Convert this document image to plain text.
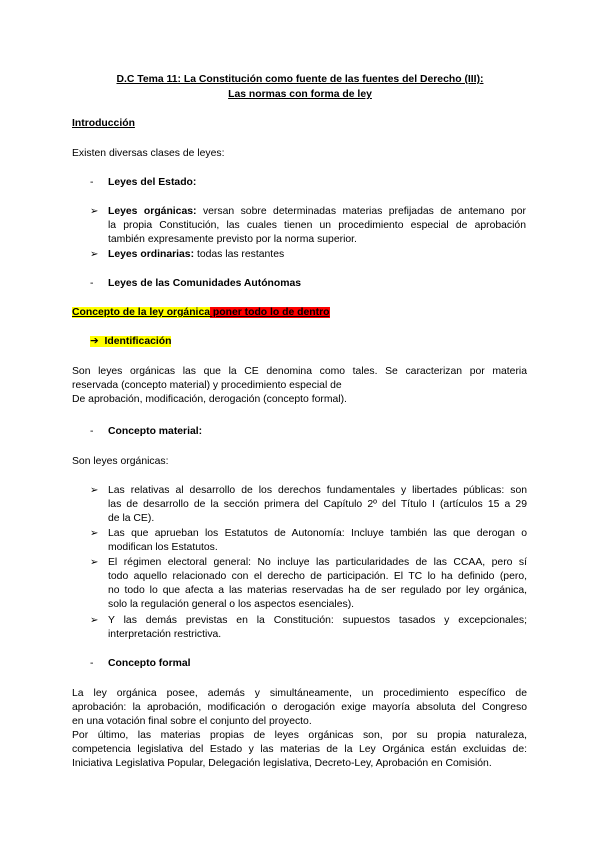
D.C Tema 11: La Constitución como fuente de las fuentes del Derecho (III):
Las normas con forma de ley
Introducción
Existen diversas clases de leyes:
-	Leyes del Estado:
➢ Leyes orgánicas: versan sobre determinadas materias prefijadas de antemano por
la propia Constitución, las cuales tienen un procedimiento especial de aprobación
también expresamente previsto por la norma superior.
➢ Leyes ordinarias: todas las restantes
-	Leyes de las Comunidades Autónomas
Concepto de la ley orgánica poner todo lo de dentro
➔ Identificación
Son leyes orgánicas las que la CE denomina como tales. Se caracterizan por materia
reservada (concepto material) y procedimiento especial de
De aprobación, modificación, derogación (concepto formal).
-	Concepto material:
Son leyes orgánicas:
➢ Las relativas al desarrollo de los derechos fundamentales y libertades públicas: son
las de desarrollo de la sección primera del Capítulo 2º del Título I (artículos 15 a 29
de la CE).
➢ Las que aprueban los Estatutos de Autonomía: Incluye también las que derogan o
modifican los Estatutos.
➢ El régimen electoral general: No incluye las particularidades de las CCAA, pero sí
todo aquello relacionado con el derecho de participación. El TC lo ha definido (pero,
no todo lo que afecta a las materias reservadas ha de ser regulado por ley orgánica,
solo la regulación general o los aspectos esenciales).
➢ Y las demás previstas en la Constitución: supuestos tasados y excepcionales;
interpretación restrictiva.
-	Concepto formal
La ley orgánica posee, además y simultáneamente, un procedimiento específico de
aprobación: la aprobación, modificación o derogación exige mayoría absoluta del Congreso
en una votación final sobre el conjunto del proyecto.
Por último, las materias propias de leyes orgánicas son, por su propia naturaleza,
competencia legislativa del Estado y las materias de la Ley Orgánica están excluidas de:
Iniciativa Legislativa Popular, Delegación legislativa, Decreto-Ley, Aprobación en Comisión.
